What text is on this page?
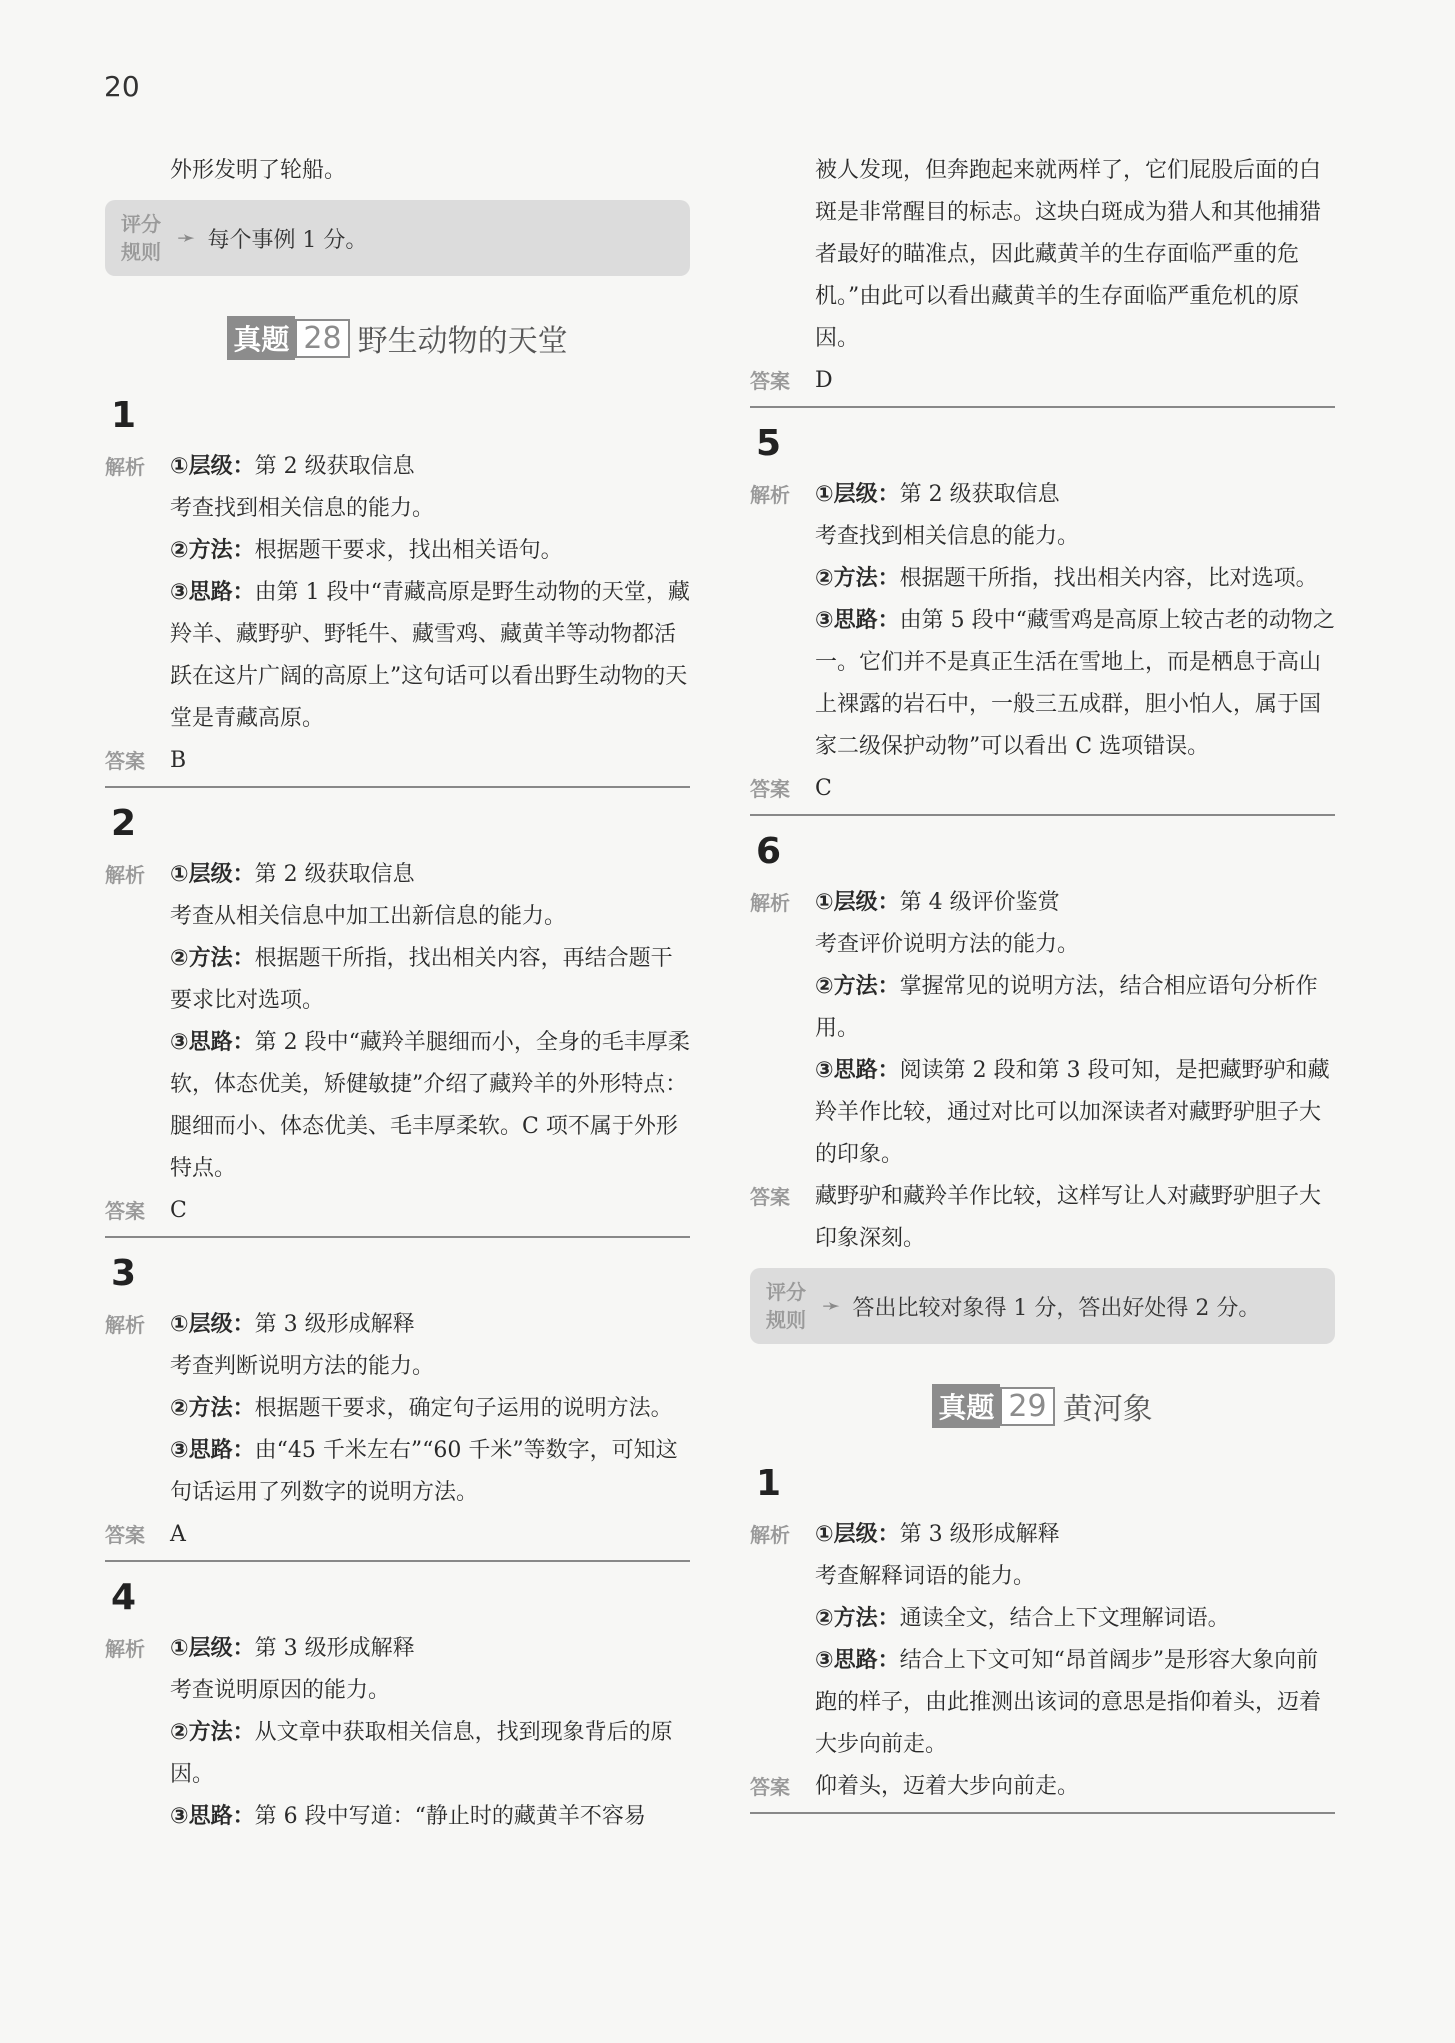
20

外形发明了轮船。

评分
规则
➛ 每个事例 1 分。
真题 28 野生动物的天堂
1
解析	①层级：第 2 级获取信息

考查找到相关信息的能力。

②方法：根据题干要求，找出相关语句。

③思路：由第 1 段中“青藏高原是野生动物的天堂，藏羚羊、藏野驴、野牦牛、藏雪鸡、藏黄羊等动物都活跃在这片广阔的高原上”这句话可以看出野生动物的天堂是青藏高原。

答案	B
2
解析	①层级：第 2 级获取信息

考查从相关信息中加工出新信息的能力。

②方法：根据题干所指，找出相关内容，再结合题干要求比对选项。

③思路：第 2 段中“藏羚羊腿细而小，全身的毛丰厚柔软，体态优美，矫健敏捷”介绍了藏羚羊的外形特点：腿细而小、体态优美、毛丰厚柔软。C 项不属于外形特点。

答案	C
3
解析	①层级：第 3 级形成解释

考查判断说明方法的能力。

②方法：根据题干要求，确定句子运用的说明方法。

③思路：由“45 千米左右”“60 千米”等数字，可知这句话运用了列数字的说明方法。

答案	A
4
解析	①层级：第 3 级形成解释

考查说明原因的能力。

②方法：从文章中获取相关信息，找到现象背后的原因。

③思路：第 6 段中写道：“静止时的藏黄羊不容易

被人发现，但奔跑起来就两样了，它们屁股后面的白斑是非常醒目的标志。这块白斑成为猎人和其他捕猎者最好的瞄准点，因此藏黄羊的生存面临严重的危机。”由此可以看出藏黄羊的生存面临严重危机的原因。
答案	D
5
解析	①层级：第 2 级获取信息

考查找到相关信息的能力。

②方法：根据题干所指，找出相关内容，比对选项。

③思路：由第 5 段中“藏雪鸡是高原上较古老的动物之一。它们并不是真正生活在雪地上，而是栖息于高山上裸露的岩石中，一般三五成群，胆小怕人，属于国家二级保护动物”可以看出 C 选项错误。

答案	C
6
解析	①层级：第 4 级评价鉴赏

考查评价说明方法的能力。

②方法：掌握常见的说明方法，结合相应语句分析作用。

③思路：阅读第 2 段和第 3 段可知，是把藏野驴和藏羚羊作比较，通过对比可以加深读者对藏野驴胆子大的印象。

答案	藏野驴和藏羚羊作比较，这样写让人对藏野驴胆子大印象深刻。
评分
规则
➛ 答出比较对象得 1 分，答出好处得 2 分。
真题 29 黄河象
1
解析	①层级：第 3 级形成解释

考查解释词语的能力。

②方法：通读全文，结合上下文理解词语。

③思路：结合上下文可知“昂首阔步”是形容大象向前跑的样子，由此推测出该词的意思是指仰着头，迈着大步向前走。

答案	仰着头，迈着大步向前走。
